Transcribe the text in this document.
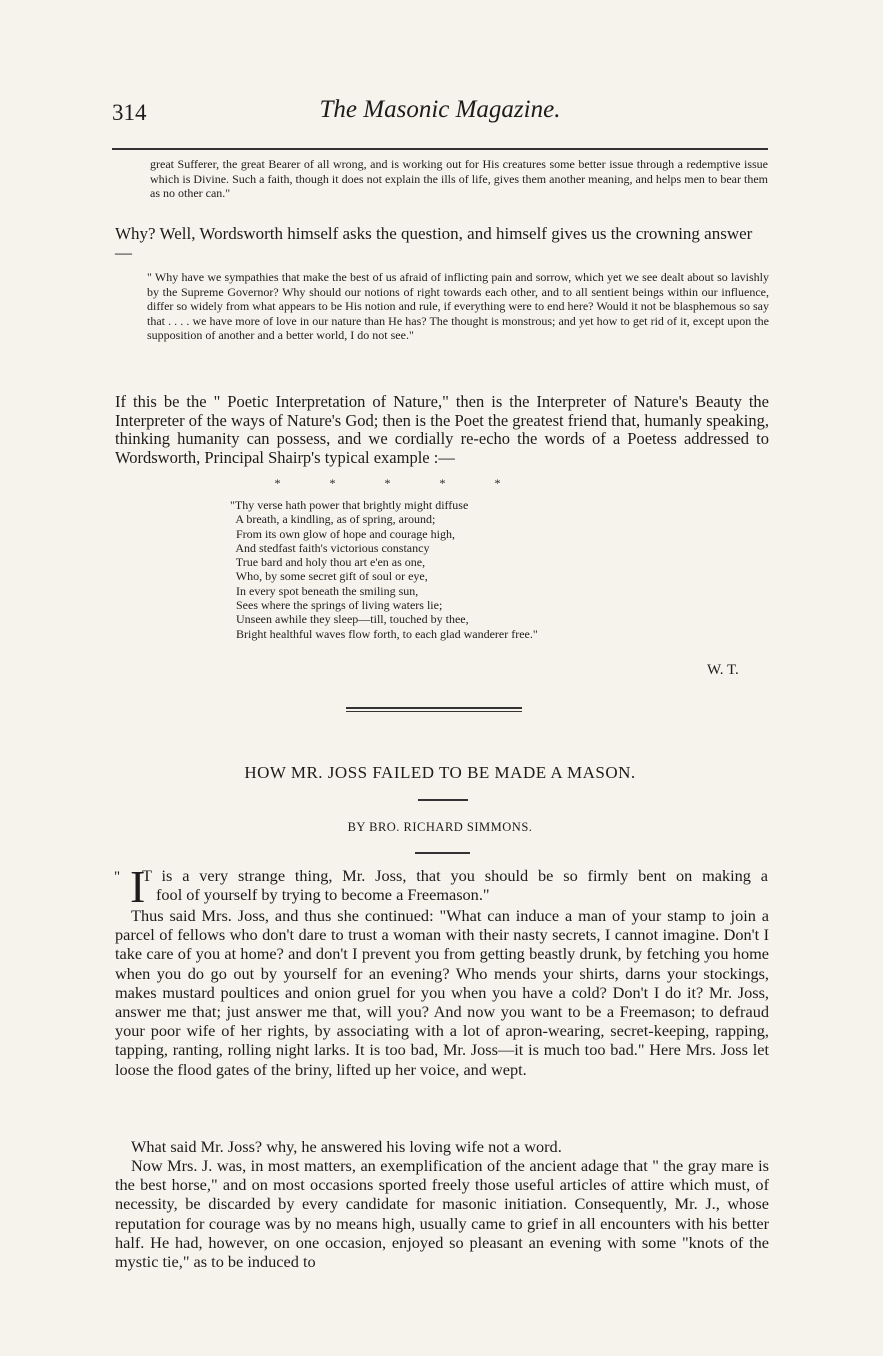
314	The Masonic Magazine.
great Sufferer, the great Bearer of all wrong, and is working out for His creatures some better issue through a redemptive issue which is Divine. Such a faith, though it does not explain the ills of life, gives them another meaning, and helps men to bear them as no other can."
Why? Well, Wordsworth himself asks the question, and himself gives us the crowning answer—
" Why have we sympathies that make the best of us afraid of inflicting pain and sorrow, which yet we see dealt about so lavishly by the Supreme Governor? Why should our notions of right towards each other, and to all sentient beings within our influence, differ so widely from what appears to be His notion and rule, if everything were to end here? Would it not be blasphemous so say that . . . . we have more of love in our nature than He has? The thought is monstrous; and yet how to get rid of it, except upon the supposition of another and a better world, I do not see."
If this be the " Poetic Interpretation of Nature," then is the Interpreter of Nature's Beauty the Interpreter of the ways of Nature's God; then is the Poet the greatest friend that, humanly speaking, thinking humanity can possess, and we cordially re-echo the words of a Poetess addressed to Wordsworth, Principal Shairp's typical example :—
*	*	*	*	*
"Thy verse hath power that brightly might diffuse
A breath, a kindling, as of spring, around;
From its own glow of hope and courage high,
And stedfast faith's victorious constancy
True bard and holy thou art e'en as one,
Who, by some secret gift of soul or eye,
In every spot beneath the smiling sun,
Sees where the springs of living waters lie;
Unseen awhile they sleep—till, touched by thee,
Bright healthful waves flow forth, to each glad wanderer free."
W. T.
HOW MR. JOSS FAILED TO BE MADE A MASON.
BY BRO. RICHARD SIMMONS.
" I
T is a very strange thing, Mr. Joss, that you should be so firmly bent on making a
fool of yourself by trying to become a Freemason."
Thus said Mrs. Joss, and thus she continued: "What can induce a man of your stamp to join a parcel of fellows who don't dare to trust a woman with their nasty secrets, I cannot imagine. Don't I take care of you at home? and don't I prevent you from getting beastly drunk, by fetching you home when you do go out by yourself for an evening? Who mends your shirts, darns your stockings, makes mustard poultices and onion gruel for you when you have a cold? Don't I do it? Mr. Joss, answer me that; just answer me that, will you? And now you want to be a Freemason; to defraud your poor wife of her rights, by associating with a lot of apron-wearing, secret-keeping, rapping, tapping, ranting, rolling night larks. It is too bad, Mr. Joss—it is much too bad." Here Mrs. Joss let loose the flood gates of the briny, lifted up her voice, and wept.
What said Mr. Joss? why, he answered his loving wife not a word.
Now Mrs. J. was, in most matters, an exemplification of the ancient adage that " the gray mare is the best horse," and on most occasions sported freely those useful articles of attire which must, of necessity, be discarded by every candidate for masonic initiation. Consequently, Mr. J., whose reputation for courage was by no means high, usually came to grief in all encounters with his better half. He had, however, on one occasion, enjoyed so pleasant an evening with some "knots of the mystic tie," as to be induced to
